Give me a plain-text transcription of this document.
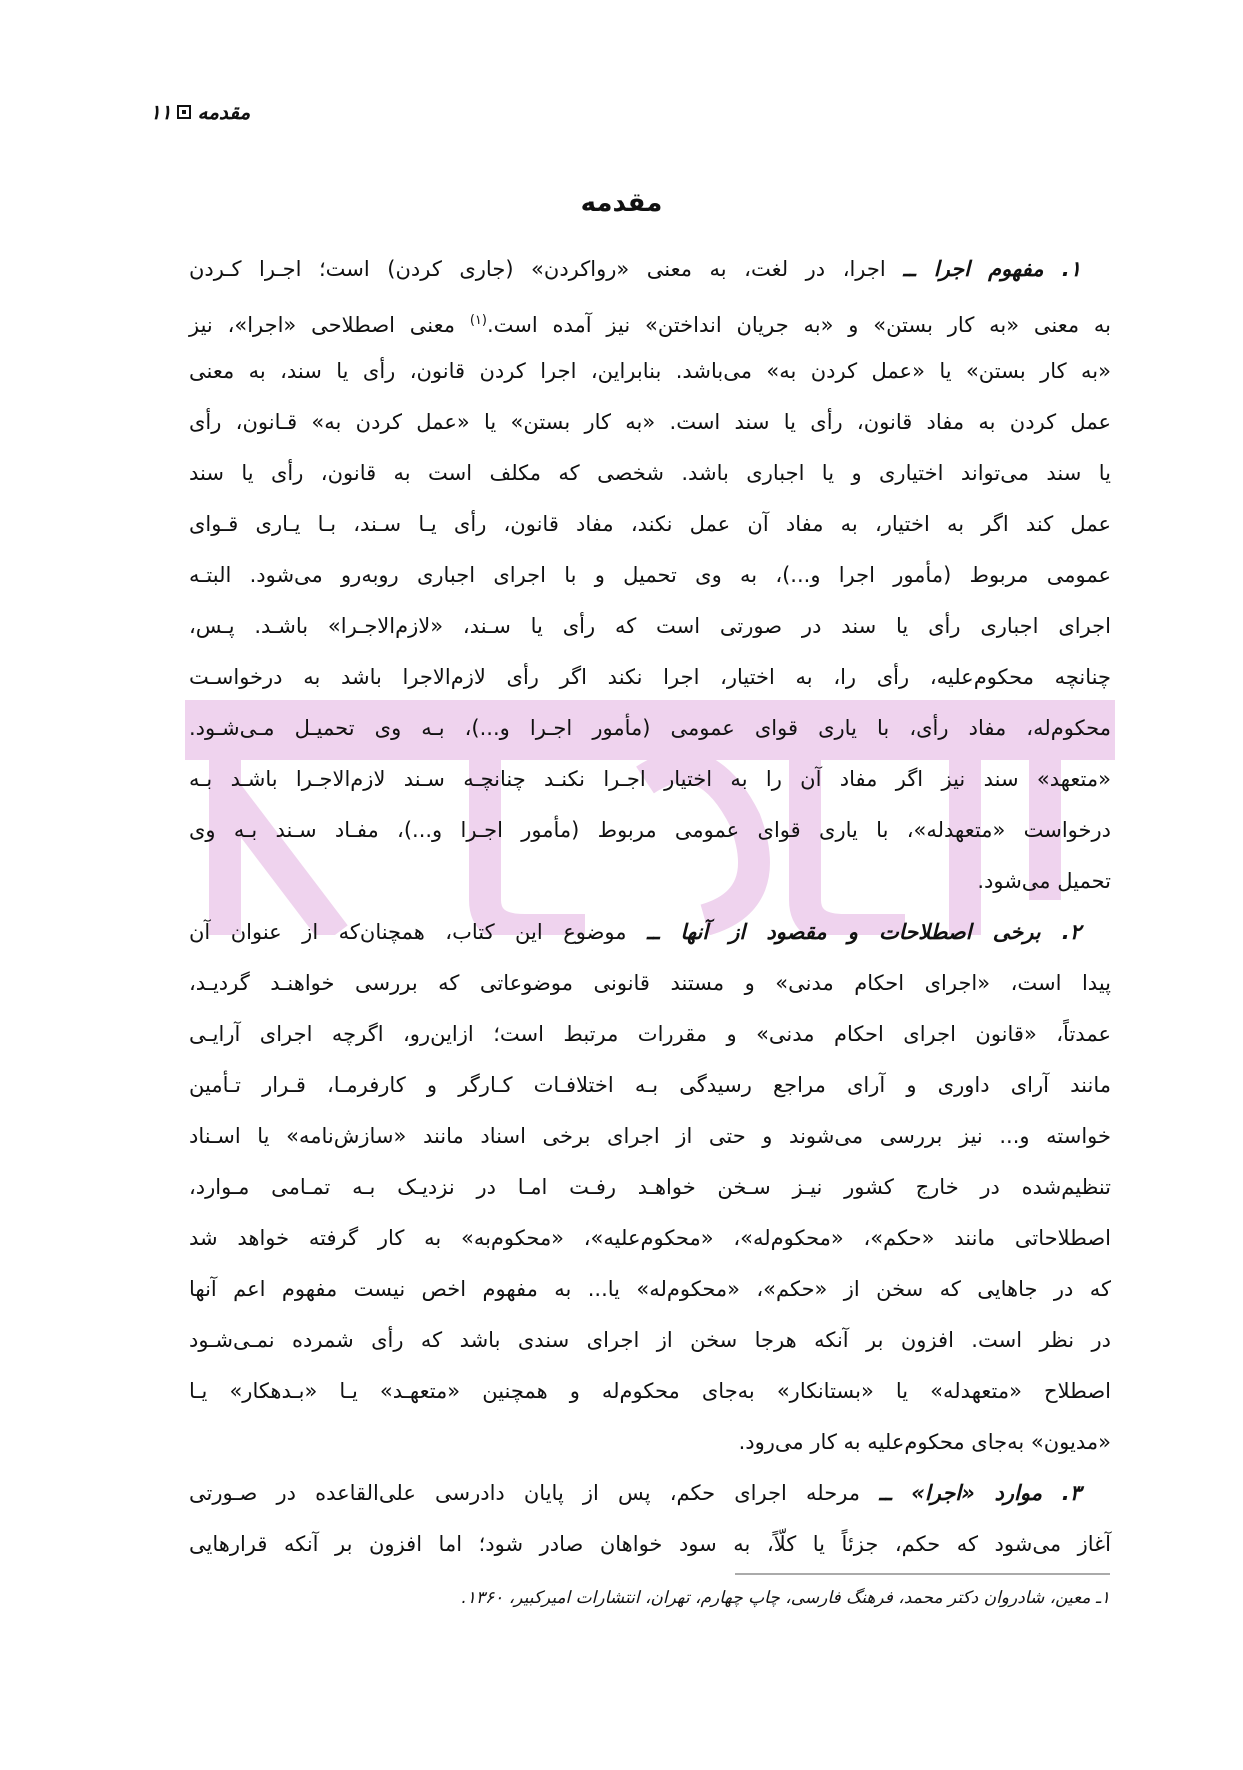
مقدمه
۱۱
مقدمه
۱. مفهوم اجرا ــ اجرا، در لغت، به معنی «رواکردن» (جاری کردن) است؛ اجـرا کـردن
به معنی «به کار بستن» و «به جریان انداختن» نیز آمده است.$^{(۱)}$ معنی اصطلاحی «اجرا»، نیز
«به کار بستن» یا «عمل کردن به» می‌باشد. بنابراین، اجرا کردن قانون، رأی یا سند، به معنی
عمل کردن به مفاد قانون، رأی یا سند است. «به کار بستن» یا «عمل کردن به» قـانون، رأی
یا سند می‌تواند اختیاری و یا اجباری باشد. شخصی که مکلف است به قانون، رأی یا سند
عمل کند اگر به اختیار، به مفاد آن عمل نکند، مفاد قانون، رأی یـا سـند، بـا یـاری قـوای
عمومی مربوط (مأمور اجرا و...)، به وی تحمیل و با اجرای اجباری روبه‌رو می‌شود. البتـه
اجرای اجباری رأی یا سند در صورتی است که رأی یا سـند، «لازم‌الاجـرا» باشـد. پـس،
چنانچه محکوم‌علیه، رأی را، به اختیار، اجرا نکند اگر رأی لازم‌الاجرا باشد به درخواسـت
محکوم‌له، مفاد رأی، با یاری قوای عمومی (مأمور اجـرا و...)، بـه وی تحمیـل مـی‌شـود.
«متعهد» سند نیز اگر مفاد آن را به اختیار اجـرا نکنـد چنانچـه سـند لازم‌الاجـرا باشـد بـه
درخواست «متعهدله»، با یاری قوای عمومی مربوط (مأمور اجـرا و...)، مفـاد سـند بـه وی
تحمیل می‌شود.
۲. برخی اصطلاحات و مقصود از آنها ــ موضوع این کتاب، همچنان‌که از عنوان آن
پیدا است، «اجرای احکام مدنی» و مستند قانونی موضوعاتی که بررسی خواهنـد گردیـد،
عمدتاً، «قانون اجرای احکام مدنی» و مقررات مرتبط است؛ ازاین‌رو، اگرچه اجرای آرایـی
مانند آرای داوری و آرای مراجع رسیدگی بـه اختلافـات کـارگر و کارفرمـا، قـرار تـأمین
خواسته و... نیز بررسی می‌شوند و حتی از اجرای برخی اسناد مانند «سازش‌نامه» یا اسـناد
تنظیم‌شده در خارج کشور نیـز سـخن خواهـد رفـت امـا در نزدیـک بـه تمـامی مـوارد،
اصطلاحاتی مانند «حکم»، «محکوم‌له»، «محکوم‌علیه»، «محکوم‌به» به کار گرفته خواهد شد
که در جاهایی که سخن از «حکم»، «محکوم‌له» یا... به مفهوم اخص نیست مفهوم اعم آنها
در نظر است. افزون بر آنکه هرجا سخن از اجرای سندی باشد که رأی شمرده نمـی‌شـود
اصطلاح «متعهدله» یا «بستانکار» به‌جای محکوم‌له و همچنین «متعهـد» یـا «بـدهکار» یـا
«مدیون» به‌جای محکوم‌علیه به کار می‌رود.
۳. موارد «اجرا» ــ مرحله اجرای حکم، پس از پایان دادرسی علی‌القاعده در صـورتی
آغاز می‌شود که حکم، جزئاً یا کلّاً، به سود خواهان صادر شود؛ اما افزون بر آنکه قرارهایی
۱ـ معین، شادروان دکتر محمد، فرهنگ فارسی، چاپ چهارم، تهران، انتشارات امیرکبیر، ۱۳۶۰.
